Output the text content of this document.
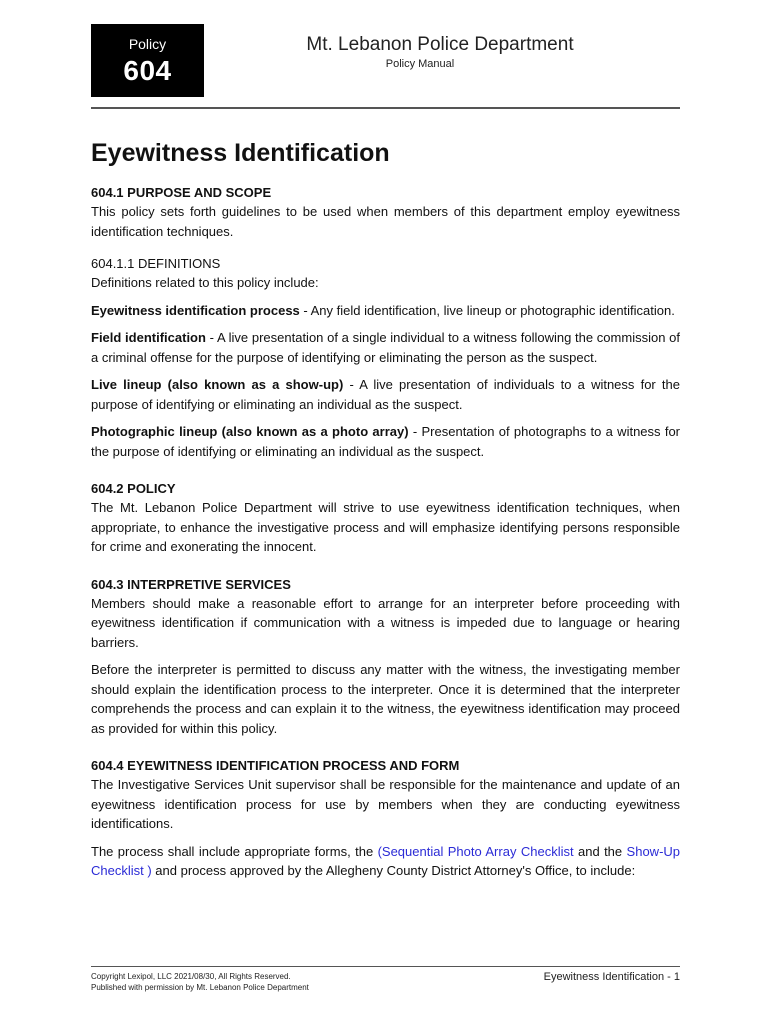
Policy
604
Mt. Lebanon Police Department
Policy Manual
Eyewitness Identification
604.1 PURPOSE AND SCOPE

This policy sets forth guidelines to be used when members of this department employ eyewitness identification techniques.

604.1.1 DEFINITIONS

Definitions related to this policy include:

Eyewitness identification process - Any field identification, live lineup or photographic identification.

Field identification - A live presentation of a single individual to a witness following the commission of a criminal offense for the purpose of identifying or eliminating the person as the suspect.

Live lineup (also known as a show-up) - A live presentation of individuals to a witness for the purpose of identifying or eliminating an individual as the suspect.

Photographic lineup (also known as a photo array) - Presentation of photographs to a witness for the purpose of identifying or eliminating an individual as the suspect.

604.2 POLICY

The Mt. Lebanon Police Department will strive to use eyewitness identification techniques, when appropriate, to enhance the investigative process and will emphasize identifying persons responsible for crime and exonerating the innocent.

604.3 INTERPRETIVE SERVICES

Members should make a reasonable effort to arrange for an interpreter before proceeding with eyewitness identification if communication with a witness is impeded due to language or hearing barriers.

Before the interpreter is permitted to discuss any matter with the witness, the investigating member should explain the identification process to the interpreter. Once it is determined that the interpreter comprehends the process and can explain it to the witness, the eyewitness identification may proceed as provided for within this policy.

604.4 EYEWITNESS IDENTIFICATION PROCESS AND FORM

The Investigative Services Unit supervisor shall be responsible for the maintenance and update of an eyewitness identification process for use by members when they are conducting eyewitness identifications.

The process shall include appropriate forms, the (Sequential Photo Array Checklist and the Show-Up Checklist ) and process approved by the Allegheny County District Attorney's Office, to include:

Copyright Lexipol, LLC 2021/08/30, All Rights Reserved.
Published with permission by Mt. Lebanon Police Department
Eyewitness Identification - 1
